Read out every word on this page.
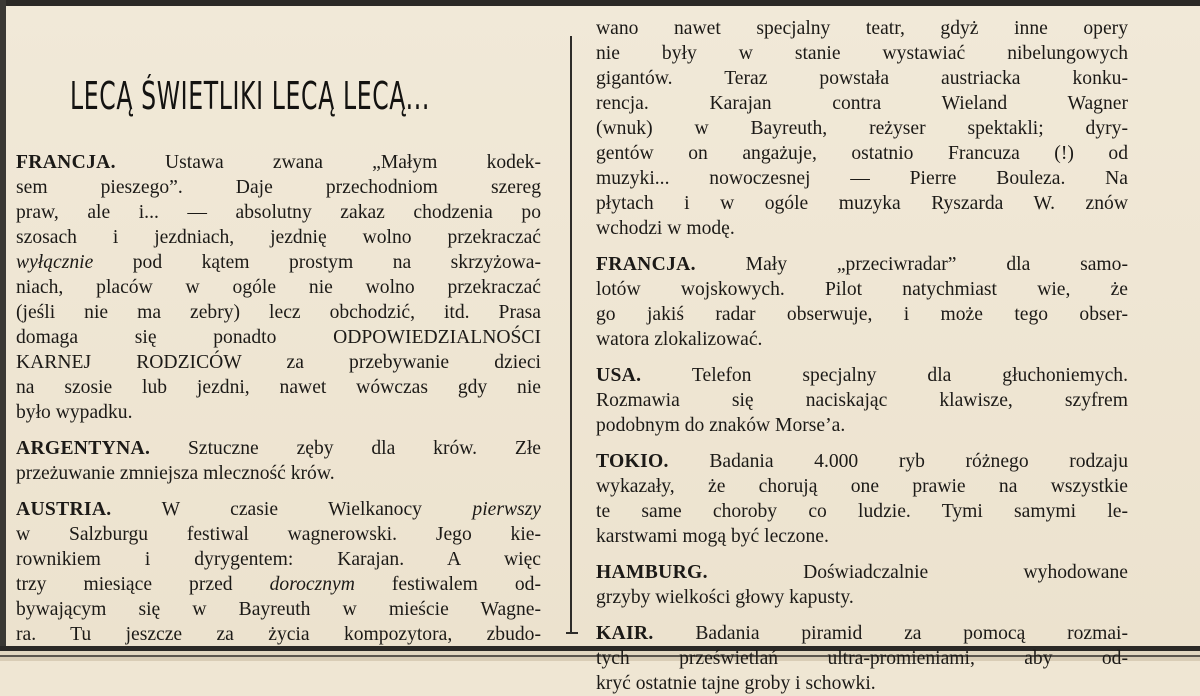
LECĄ ŚWIETLIKI LECĄ LECĄ...
FRANCJA. Ustawa zwana „Małym kodek-
sem pieszego”. Daje przechodniom szereg
praw, ale i... — absolutny zakaz chodzenia po
szosach i jezdniach, jezdnię wolno przekraczać
wyłącznie pod kątem prostym na skrzyżowa-
niach, placów w ogóle nie wolno przekraczać
(jeśli nie ma zebry) lecz obchodzić, itd. Prasa
domaga się ponadto ODPOWIEDZIALNOŚCI
KARNEJ RODZICÓW za przebywanie dzieci
na szosie lub jezdni, nawet wówczas gdy nie
było wypadku.
ARGENTYNA. Sztuczne zęby dla krów. Złe
przeżuwanie zmniejsza mleczność krów.
AUSTRIA. W czasie Wielkanocy pierwszy
w Salzburgu festiwal wagnerowski. Jego kie-
rownikiem i dyrygentem: Karajan. A więc
trzy miesiące przed dorocznym festiwalem od-
bywającym się w Bayreuth w mieście Wagne-
ra. Tu jeszcze za życia kompozytora, zbudo-
wano nawet specjalny teatr, gdyż inne opery
nie były w stanie wystawiać nibelungowych
gigantów. Teraz powstała austriacka konku-
rencja. Karajan contra Wieland Wagner
(wnuk) w Bayreuth, reżyser spektakli; dyry-
gentów on angażuje, ostatnio Francuza (!) od
muzyki... nowoczesnej — Pierre Bouleza. Na
płytach i w ogóle muzyka Ryszarda W. znów
wchodzi w modę.
FRANCJA. Mały „przeciwradar” dla samo-
lotów wojskowych. Pilot natychmiast wie, że
go jakiś radar obserwuje, i może tego obser-
watora zlokalizować.
USA. Telefon specjalny dla głuchoniemych.
Rozmawia się naciskając klawisze, szyfrem
podobnym do znaków Morse’a.
TOKIO. Badania 4.000 ryb różnego rodzaju
wykazały, że chorują one prawie na wszystkie
te same choroby co ludzie. Tymi samymi le-
karstwami mogą być leczone.
HAMBURG. Doświadczalnie wyhodowane
grzyby wielkości głowy kapusty.
KAIR. Badania piramid za pomocą rozmai-
tych prześwietlań ultra-promieniami, aby od-
kryć ostatnie tajne groby i schowki.
